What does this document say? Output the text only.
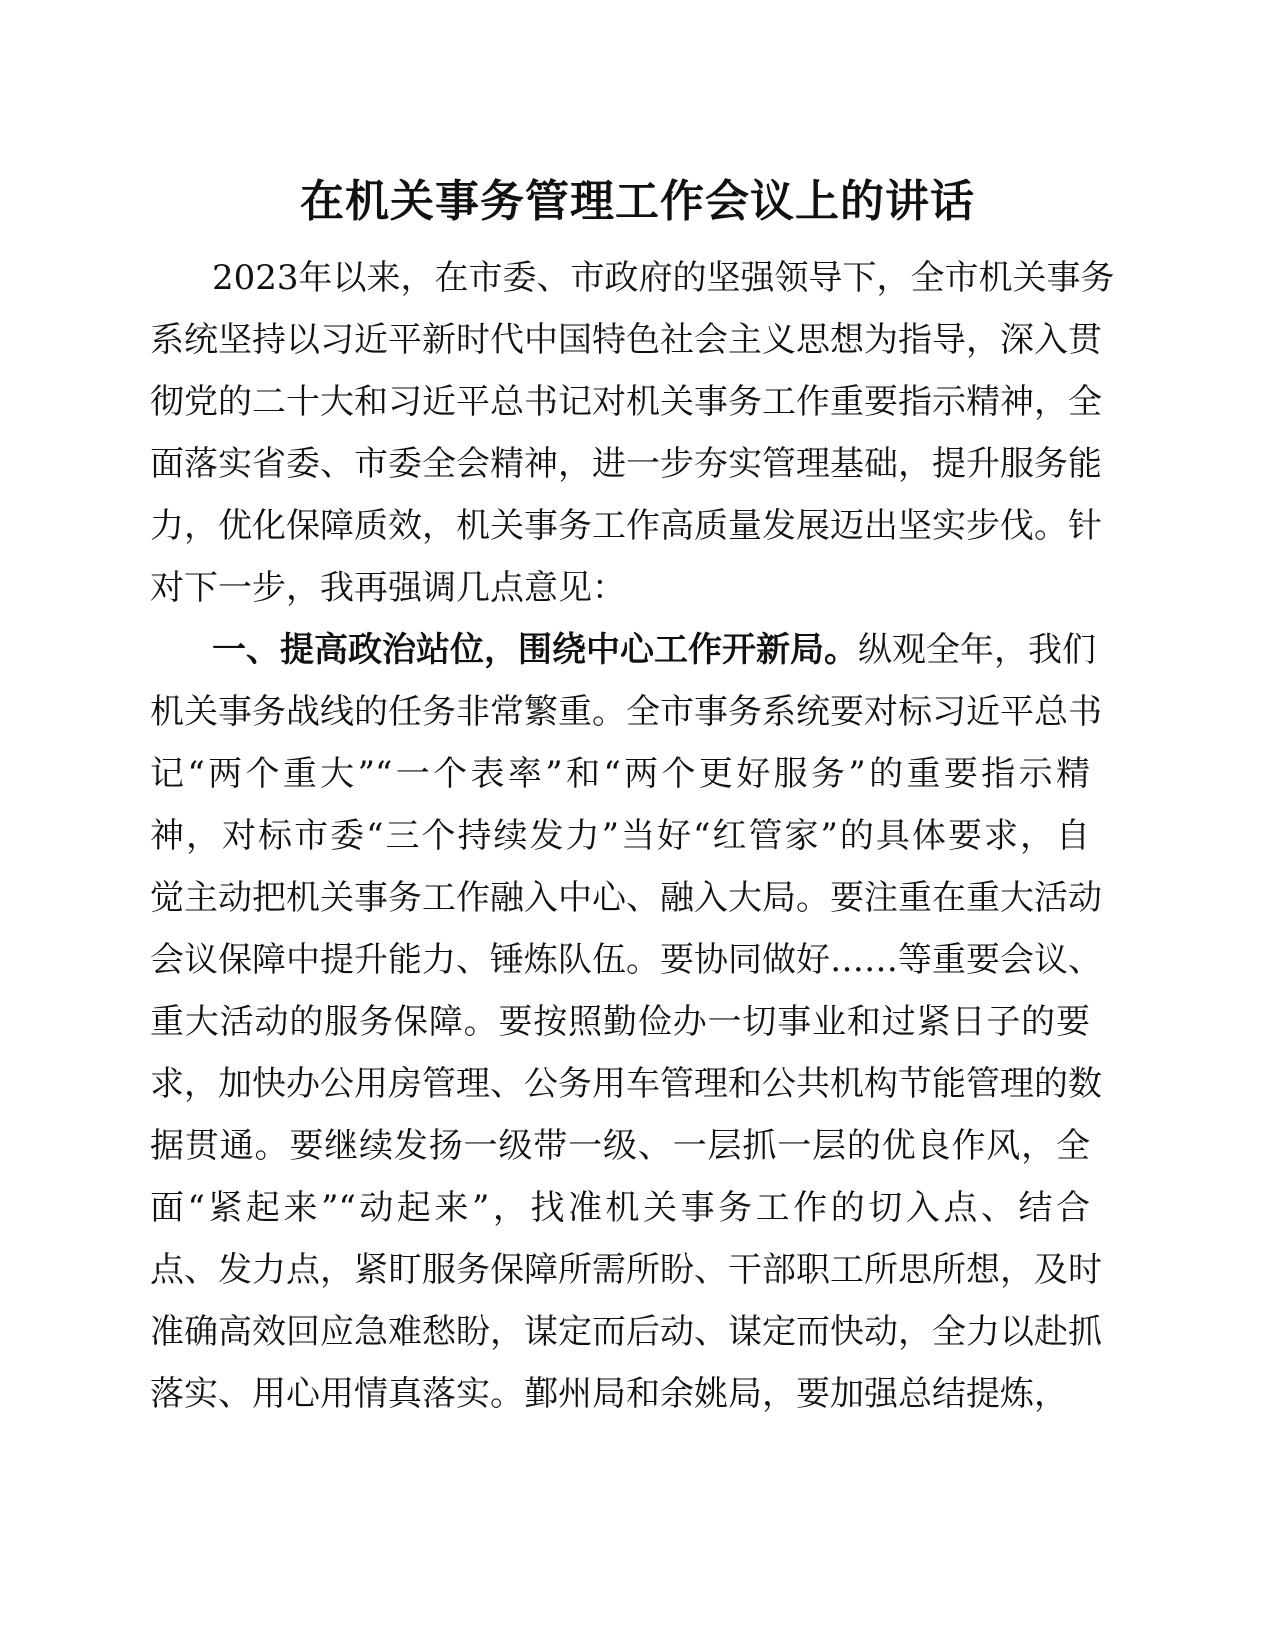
在机关事务管理工作会议上的讲话
2023年以来，在市委、市政府的坚强领导下，全市机关事务
系统坚持以习近平新时代中国特色社会主义思想为指导，深入贯
彻党的二十大和习近平总书记对机关事务工作重要指示精神，全
面落实省委、市委全会精神，进一步夯实管理基础，提升服务能
力，优化保障质效，机关事务工作高质量发展迈出坚实步伐。针
对下一步，我再强调几点意见：
一、提高政治站位，围绕中心工作开新局。纵观全年，我们
机关事务战线的任务非常繁重。全市事务系统要对标习近平总书
记“两个重大”“一个表率”和“两个更好服务”的重要指示精
神，对标市委“三个持续发力”当好“红管家”的具体要求，自
觉主动把机关事务工作融入中心、融入大局。要注重在重大活动
会议保障中提升能力、锤炼队伍。要协同做好……等重要会议、
重大活动的服务保障。要按照勤俭办一切事业和过紧日子的要
求，加快办公用房管理、公务用车管理和公共机构节能管理的数
据贯通。要继续发扬一级带一级、一层抓一层的优良作风，全
面“紧起来”“动起来”，找准机关事务工作的切入点、结合
点、发力点，紧盯服务保障所需所盼、干部职工所思所想，及时
准确高效回应急难愁盼，谋定而后动、谋定而快动，全力以赴抓
落实、用心用情真落实。鄞州局和余姚局，要加强总结提炼，
